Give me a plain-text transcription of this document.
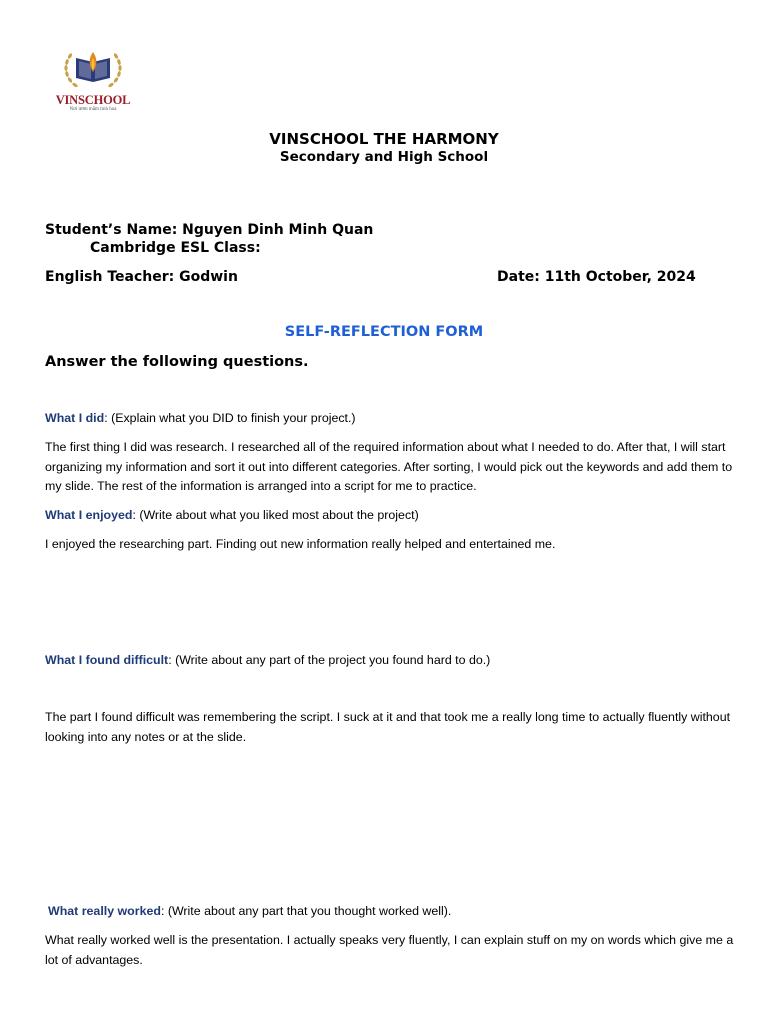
VINSCHOOL
Nơi ươm mầm tinh hoa
VINSCHOOL THE HARMONY
Secondary and High School
Student’s Name: Nguyen Dinh Minh Quan
Cambridge ESL Class:
English Teacher: Godwin	Date: 11th October, 2024
SELF-REFLECTION FORM
Answer the following questions.
What I did: (Explain what you DID to finish your project.)
The first thing I did was research. I researched all of the required information about what I needed to do. After that, I will start organizing my information and sort it out into different categories. After sorting, I would pick out the keywords and add them to my slide. The rest of the information is arranged into a script for me to practice.
What I enjoyed: (Write about what you liked most about the project)
I enjoyed the researching part. Finding out new information really helped and entertained me.
What I found difficult: (Write about any part of the project you found hard to do.)
The part I found difficult was remembering the script. I suck at it and that took me a really long time to actually fluently without looking into any notes or at the slide.
What really worked: (Write about any part that you thought worked well).
What really worked well is the presentation. I actually speaks very fluently, I can explain stuff on my on words which give me a lot of advantages.
